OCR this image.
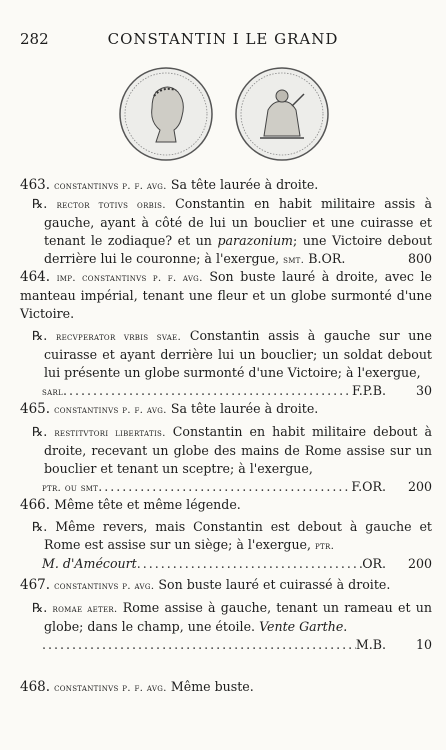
282	CONSTANTIN I LE GRAND

463. constantinvs p. f. avg. Sa tête laurée à droite.

℞. rector totivs orbis. Constantin en habit militaire assis à gauche, ayant à côté de lui un bouclier et une cuirasse et tenant le zodiaque? et un parazonium; une Victoire debout derrière lui le couronne; à l'exergue, smt. B.OR.	800

464. imp. constantinvs p. f. avg. Son buste lauré à droite, avec le manteau impérial, tenant une fleur et un globe surmonté d'une Victoire.

℞. recvperator vrbis svae. Constantin assis à gauche sur une cuirasse et ayant derrière lui un bouclier; un soldat debout lui présente un globe surmonté d'une Victoire; à l'exergue,

sarl .....	F.P.B.	30

465. constantinvs p. f. avg. Sa tête laurée à droite.

℞. restitvtori libertatis. Constantin en habit militaire debout à droite, recevant un globe des mains de Rome assise sur un bouclier et tenant un sceptre; à l'exergue,

ptr. ou smt .....	F.OR.	200

466. Même tête et même légende.

℞. Même revers, mais Constantin est debout à gauche et Rome est assise sur un siège; à l'exergue, ptr.

M. d'Amécourt .....	OR.	200

467. constantinvs p. avg. Son buste lauré et cuirassé à droite.

℞. romae aeter. Rome assise à gauche, tenant un rameau et un globe; dans le champ, une étoile. Vente Garthe.

.....
M.B.	10

468. constantinvs p. f. avg. Même buste.
